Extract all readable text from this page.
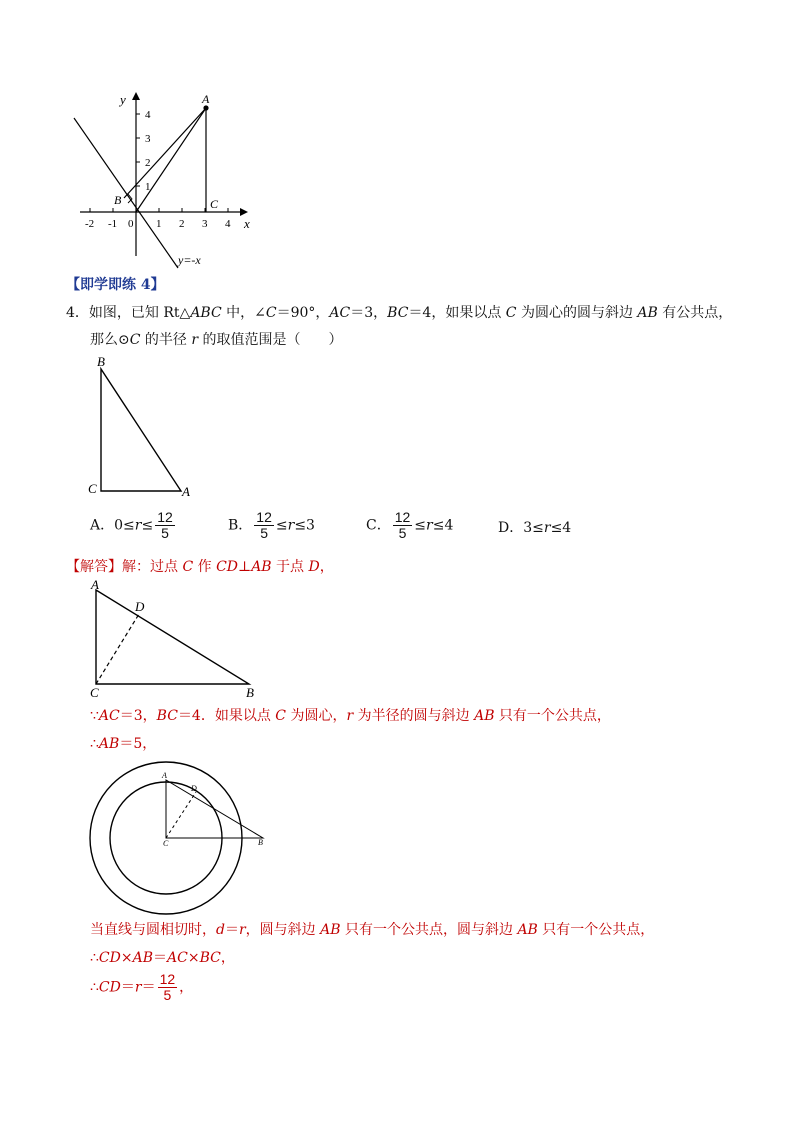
y
x
A
B	C
y=-x
-2 -1 0 1 2 3 4
1
2
3
4
【即学即练 4】
4．如图，已知 Rt△ABC 中，∠C＝90°，AC＝3，BC＝4，如果以点 C 为圆心的圆与斜边 AB 有公共点，
那么⊙C 的半径 r 的取值范围是（　　）
B
C	A
A．$0\le r\le \frac{12}{5}$	B． $\frac{12}{5} \le r\le 3$	C． $\frac{12}{5} \le r\le 4$	D．3≤r≤4
【解答】解：过点 C 作 CD⊥AB 于点 D，
A
D
C	B
∵AC＝3，BC＝4．如果以点 C 为圆心，r 为半径的圆与斜边 AB 只有一个公共点，
∴AB＝5，
A
D
C	B
当直线与圆相切时，d＝r，圆与斜边 AB 只有一个公共点，圆与斜边 AB 只有一个公共点，
∴CD×AB＝AC×BC，
∴CD＝r＝ $\frac{12}{5}$ ，
